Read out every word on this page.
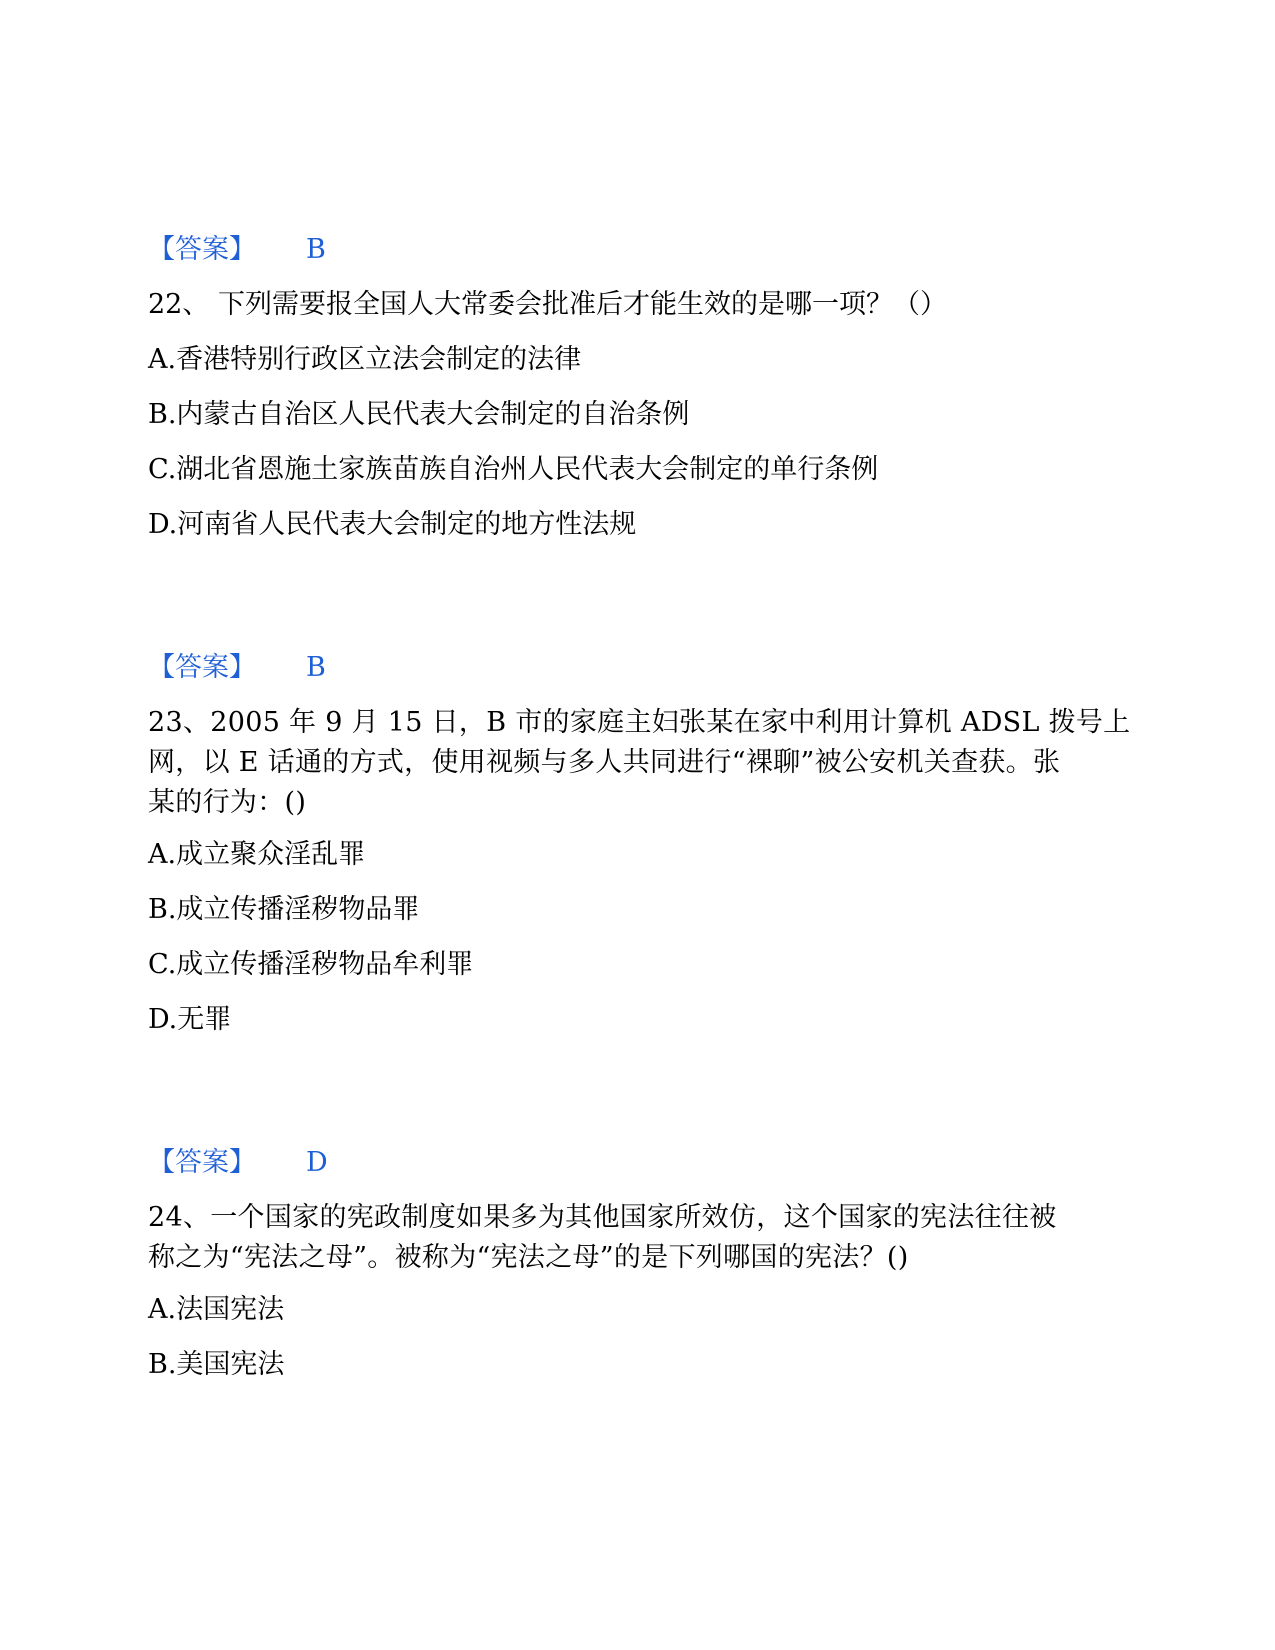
【答案】 B
22、 下列需要报全国人大常委会批准后才能生效的是哪一项？（）
A.香港特别行政区立法会制定的法律
B.内蒙古自治区人民代表大会制定的自治条例
C.湖北省恩施土家族苗族自治州人民代表大会制定的单行条例
D.河南省人民代表大会制定的地方性法规
【答案】 B
23、2005 年 9 月 15 日，B 市的家庭主妇张某在家中利用计算机 ADSL 拨号上
网，以 E 话通的方式，使用视频与多人共同进行“裸聊”被公安机关查获。张
某的行为：()
A.成立聚众淫乱罪
B.成立传播淫秽物品罪
C.成立传播淫秽物品牟利罪
D.无罪
【答案】 D
24、一个国家的宪政制度如果多为其他国家所效仿，这个国家的宪法往往被
称之为“宪法之母”。被称为“宪法之母”的是下列哪国的宪法？()
A.法国宪法
B.美国宪法
